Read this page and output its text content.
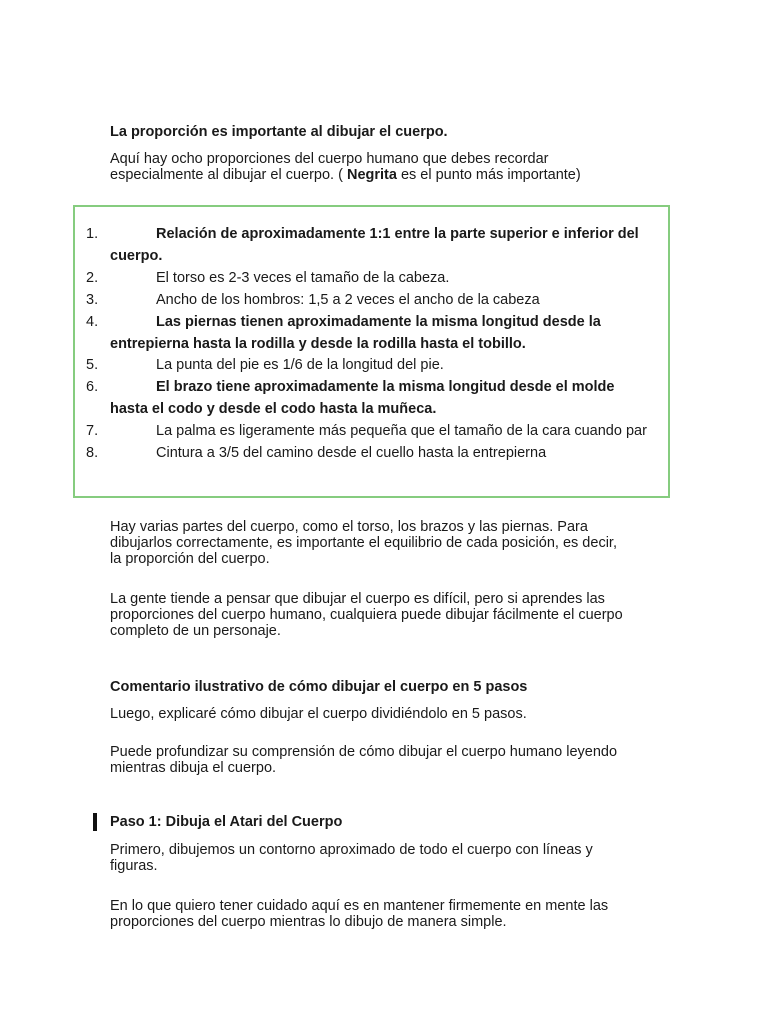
La proporción es importante al dibujar el cuerpo.
Aquí hay ocho proporciones del cuerpo humano que debes recordar
especialmente al dibujar el cuerpo. ( Negrita es el punto más importante)
1.	Relación de aproximadamente 1:1 entre la parte superior e inferior del cuerpo.
2.	El torso es 2-3 veces el tamaño de la cabeza.
3.	Ancho de los hombros: 1,5 a 2 veces el ancho de la cabeza
4.	Las piernas tienen aproximadamente la misma longitud desde la entrepierna hasta la rodilla y desde la rodilla hasta el tobillo.
5.	La punta del pie es 1/6 de la longitud del pie.
6.	El brazo tiene aproximadamente la misma longitud desde el molde hasta el codo y desde el codo hasta la muñeca.
7.	La palma es ligeramente más pequeña que el tamaño de la cara cuando par
8.	Cintura a 3/5 del camino desde el cuello hasta la entrepierna
Hay varias partes del cuerpo, como el torso, los brazos y las piernas. Para
dibujarlos correctamente, es importante el equilibrio de cada posición, es decir,
la proporción del cuerpo.
La gente tiende a pensar que dibujar el cuerpo es difícil, pero si aprendes las
proporciones del cuerpo humano, cualquiera puede dibujar fácilmente el cuerpo
completo de un personaje.
Comentario ilustrativo de cómo dibujar el cuerpo en 5 pasos
Luego, explicaré cómo dibujar el cuerpo dividiéndolo en 5 pasos.
Puede profundizar su comprensión de cómo dibujar el cuerpo humano leyendo
mientras dibuja el cuerpo.
Paso 1: Dibuja el Atari del Cuerpo
Primero, dibujemos un contorno aproximado de todo el cuerpo con líneas y
figuras.
En lo que quiero tener cuidado aquí es en mantener firmemente en mente las
proporciones del cuerpo mientras lo dibujo de manera simple.
